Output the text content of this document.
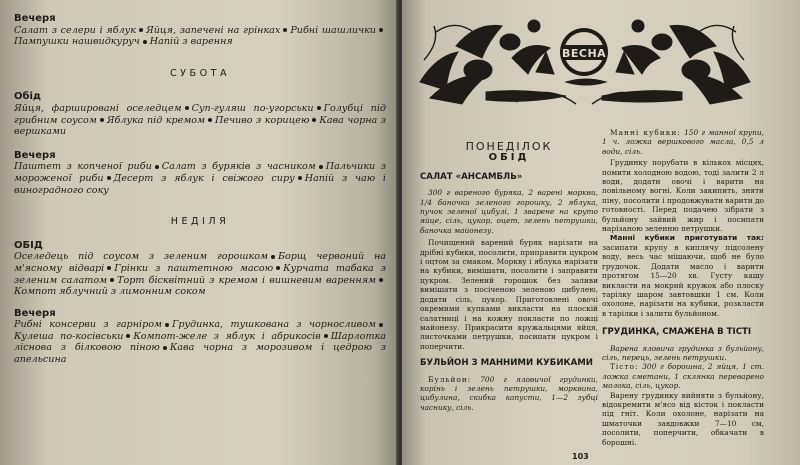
Вечеря
Салат з селери і яблук Яйця, запечені на грінках Рибні шашличкиПампушки нашвидкуруч Напій з варення
СУБОТА
Обід
Яйця, фаршировані оселедцем Суп-гуляш по-угорськи Голубці під грибним соусом Яблука під кремом Печиво з корицею Кава чорна з вершками
Вечеря
Паштет з копченої риби Салат з буряків з часником Пальчики з мороженої риби Десерт з яблук і свіжого сиру Напій з чаю і виноградного соку
НЕДІЛЯ
ОБІД
Оселедець під соусом з зеленим горошком Борщ червоний на м'ясному відварі Грінки з паштетною масою Курчата табака з зеленим салатом Торт бісквітний з кремом і вишневим вареннямКомпот яблучний з лимонним соком
Вечеря
Рибні консерви з гарніром Грудинка, тушкована з чорносливомКулеша по-косівськи Компот-желе з яблук і абрикосів Шарлотка ліснова з білковою піною Кава чорна з морозивом і цедрою з апельсина
ВЕСНА
ПОНЕДІЛОК
ОБІД
САЛАТ «АНСАМБЛЬ»

300 г вареного буряка, 2 варені моркви, 1/4 баночки зеленого горошку, 2 яблука, пучок зеленої цибулі, 1 зварене на круто яйце, сіль, цукор, оцет, зелень петрушки, баночка майонезу.

Почищений варений буряк нарізати на дрібні кубики, посолити, приправити цукром і оцтом за смаком. Моркву і яблука нарізати на кубики, вимішати, посолити і заправити цукром. Зелений горошок без заливи вимішати з посіченою зеленою цибулею, додати сіль, цукор. Приготовлені овочі окремими купками викласти на плоскій салатниці і на кожну покласти по ложці майонезу. Прикрасити кружальцями яйця, листочками петрушки, посипати цукром і поперчити.

БУЛЬЙОН З МАННИМИ КУБИКАМИ

Бульйон: 700 г яловичої грудинки, корінь і зелень петрушки, морквина, цибулина, скибка капусти, 1—2 зубці часнику, сіль.

Манні кубики: 150 г манної крупи, 1 ч. ложка вершкового масла, 0,5 л води, сіль.

Грудинку порубати в кількох місцях, помити холодною водою, тоді залити 2 л води, додати овочі і варити на повільному вогні. Коли закипить, зняти піну, посолити і продовжувати варити до готовності. Перед подачею зібрати з бульйону зайвий жир і посипати нарізаною зеленню петрушки.

Манні кубики приготувати так: засипати крупу в киплячу підсолену воду, весь час мішаючи, щоб не було грудочок. Додати масло і варити протягом 15—20 хв. Густу кашу викласти на мокрий кружок або плоску тарілку шаром завтовшки 1 см. Коли охолоне, нарізати на кубики, розкласти в тарілки і залити бульйоном.

ГРУДИНКА, СМАЖЕНА В ТІСТІ

Варена яловича грудинка з бульйону, сіль, перець, зелень петрушки.

Тісто: 300 г борошна, 2 яйця, 1 ст. ложка сметани, 1 склянка переварено молока, сіль, цукор.

Варену грудинку вийняти з бульйону, відокремити м'ясо від кісток і покласти під гніт. Коли охолоне, нарізати на шматочки завдовжки 7—10 см, посолити, поперчити, обкачати в борошні.

103
